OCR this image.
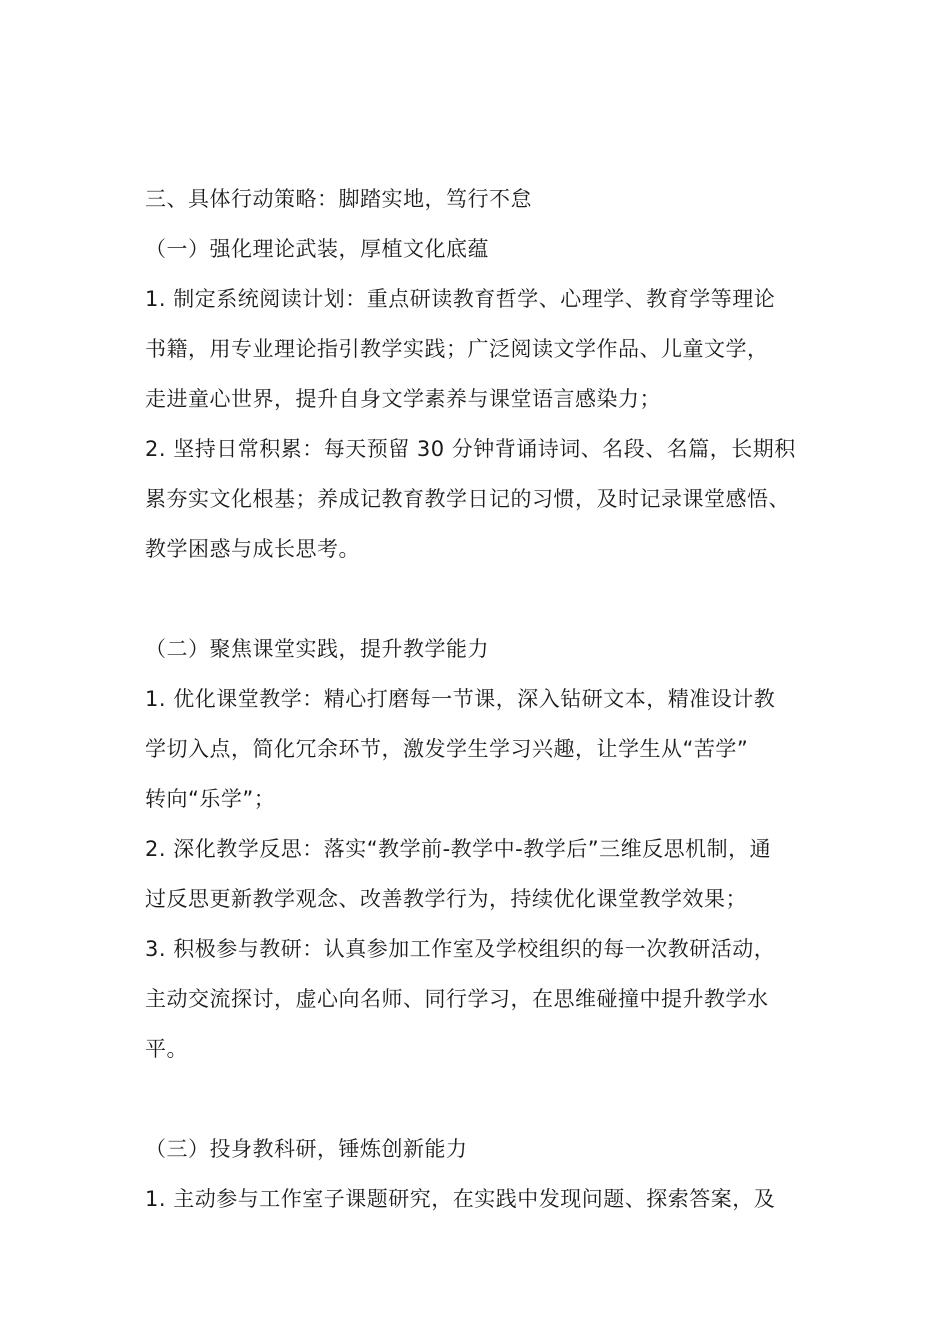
三、具体行动策略：脚踏实地，笃行不怠
（一）强化理论武装，厚植文化底蕴
1. 制定系统阅读计划：重点研读教育哲学、心理学、教育学等理论
书籍，用专业理论指引教学实践；广泛阅读文学作品、儿童文学，
走进童心世界，提升自身文学素养与课堂语言感染力；
2. 坚持日常积累：每天预留 30 分钟背诵诗词、名段、名篇，长期积
累夯实文化根基；养成记教育教学日记的习惯，及时记录课堂感悟、
教学困惑与成长思考。
（二）聚焦课堂实践，提升教学能力
1. 优化课堂教学：精心打磨每一节课，深入钻研文本，精准设计教
学切入点，简化冗余环节，激发学生学习兴趣，让学生从“苦学”
转向“乐学”；
2. 深化教学反思：落实“教学前-教学中-教学后”三维反思机制，通
过反思更新教学观念、改善教学行为，持续优化课堂教学效果；
3. 积极参与教研：认真参加工作室及学校组织的每一次教研活动，
主动交流探讨，虚心向名师、同行学习，在思维碰撞中提升教学水
平。
（三）投身教科研，锤炼创新能力
1. 主动参与工作室子课题研究，在实践中发现问题、探索答案，及
